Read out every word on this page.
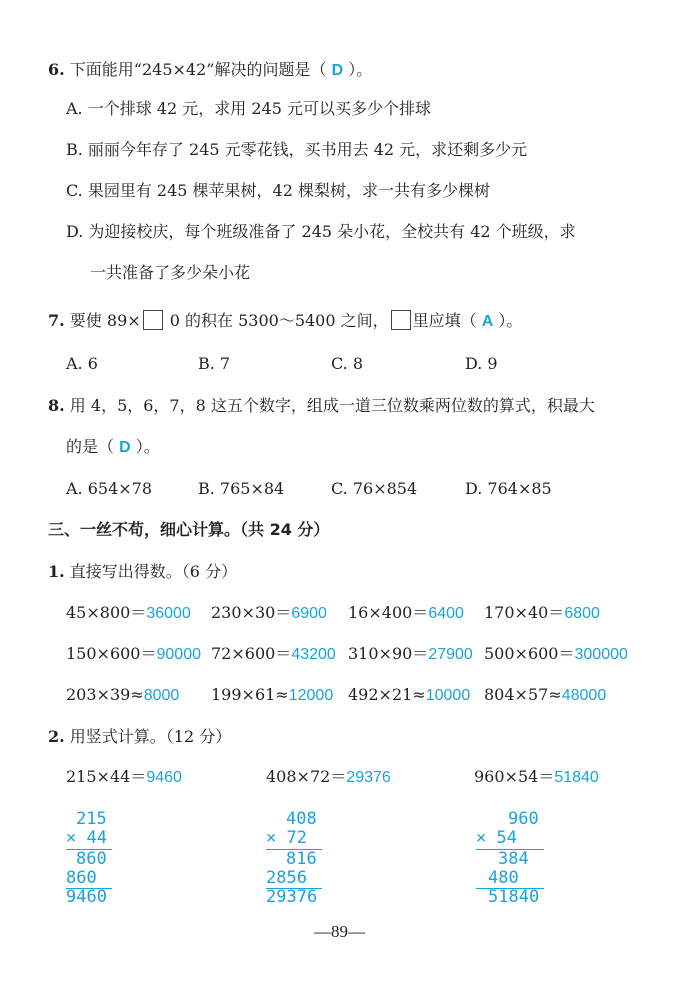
6. 下面能用“245×42”解决的问题是（ D ）。
A. 一个排球 42 元，求用 245 元可以买多少个排球
B. 丽丽今年存了 245 元零花钱，买书用去 42 元，求还剩多少元
C. 果园里有 245 棵苹果树，42 棵梨树，求一共有多少棵树
D. 为迎接校庆，每个班级准备了 245 朵小花，全校共有 42 个班级，求
一共准备了多少朵小花
7. 要使 89× 0 的积在 5300～5400 之间， 里应填（ A ）。
A. 6	B. 7	C. 8	D. 9
8. 用 4，5，6，7，8 这五个数字，组成一道三位数乘两位数的算式，积最大
的是（ D ）。
A. 654×78	B. 765×84	C. 76×854	D. 764×85
三、一丝不苟，细心计算。（共 24 分）
1. 直接写出得数。（6 分）
45×800＝36000 230×30＝6900 16×400＝6400 170×40＝6800
150×600＝90000 72×600＝43200 310×90＝27900 500×600＝300000
203×39≈8000 199×61≈12000 492×21≈10000 804×57≈48000
2. 用竖式计算。（12 分）
215×44＝9460	408×72＝29376	960×54＝51840
215
× 44
860
860
9460
408
× 72
816
2856
29376
960
× 54
384
480
51840
—89—
